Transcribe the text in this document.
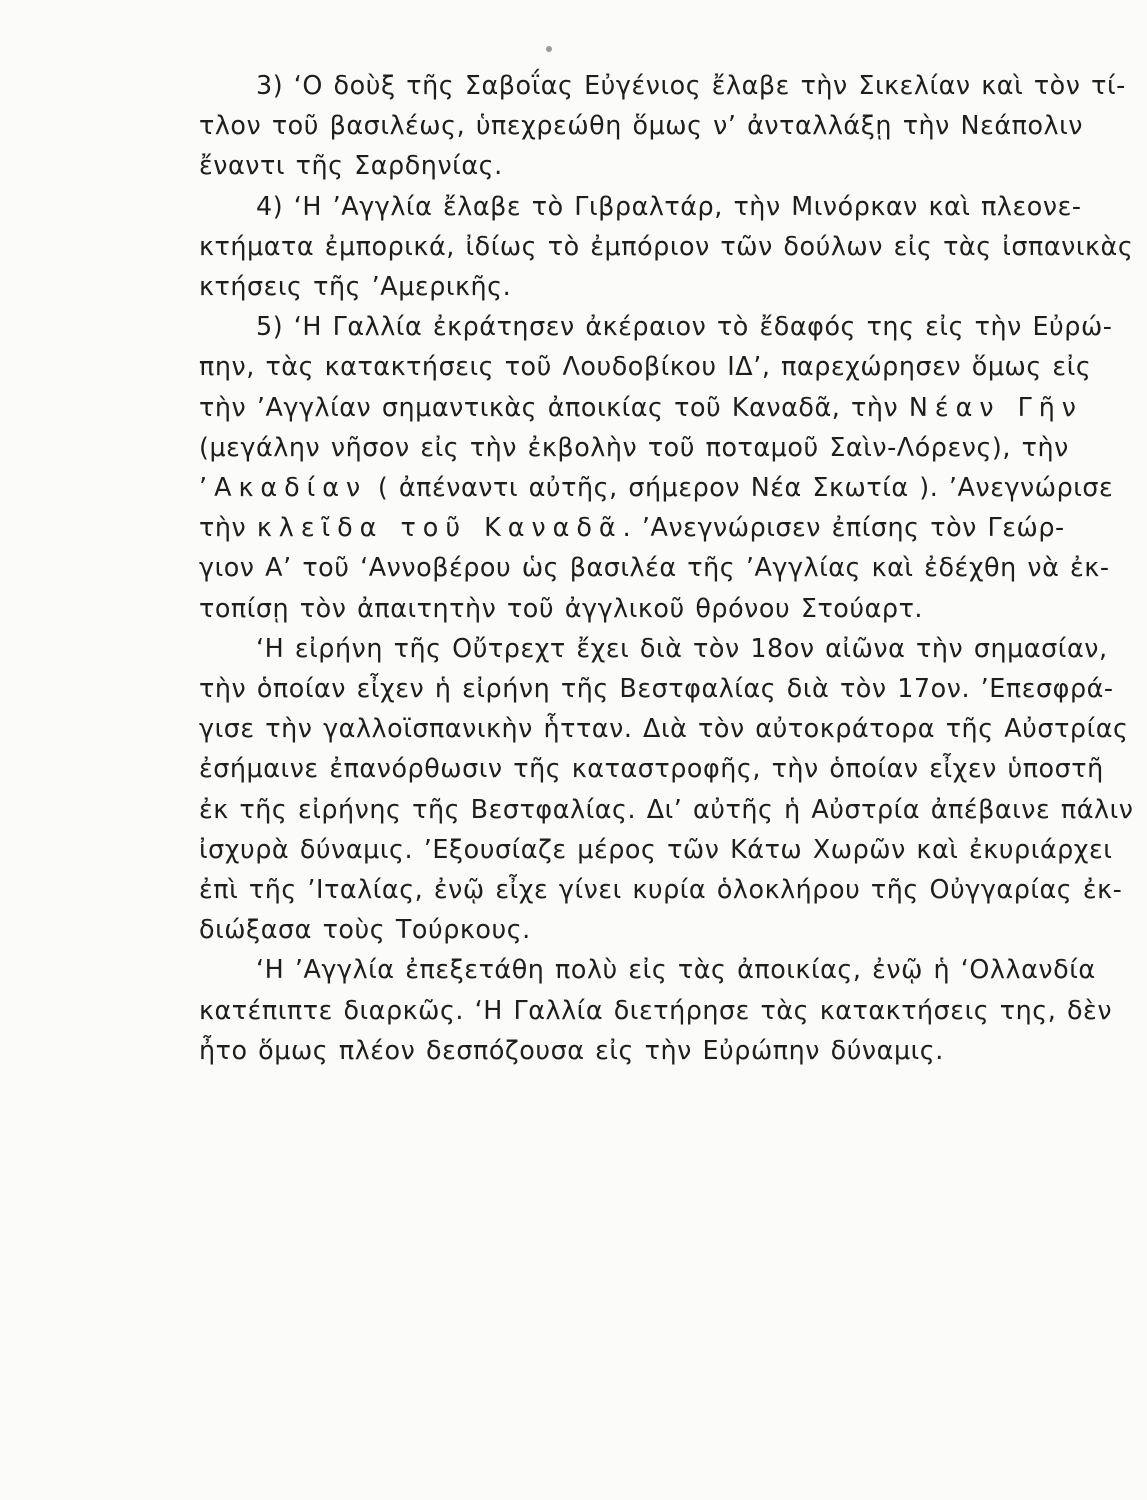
3) ‘Ο δοὺξ τῆς Σαβοΐας Εὐγένιος ἔλαβε τὴν Σικελίαν καὶ τὸν τί-
τλον τοῦ βασιλέως, ὑπεχρεώθη ὅμως ν’ ἀνταλλάξῃ τὴν Νεάπολιν
ἔναντι τῆς Σαρδηνίας.
4) ‘Η ’Αγγλία ἔλαβε τὸ Γιβραλτάρ, τὴν Μινόρκαν καὶ πλεονε-
κτήματα ἐμπορικά, ἰδίως τὸ ἐμπόριον τῶν δούλων εἰς τὰς ἰσπανικὰς
κτήσεις τῆς ’Αμερικῆς.
5) ‘Η Γαλλία ἐκράτησεν ἀκέραιον τὸ ἔδαφός της εἰς τὴν Εὐρώ-
πην, τὰς κατακτήσεις τοῦ Λουδοβίκου ΙΔ’, παρεχώρησεν ὅμως εἰς
τὴν ’Αγγλίαν σημαντικὰς ἀποικίας τοῦ Καναδᾶ, τὴν Νέαν Γῆν
(μεγάλην νῆσον εἰς τὴν ἐκβολὴν τοῦ ποταμοῦ Σαὶν-Λόρενς), τὴν
’Ακαδίαν ( ἀπέναντι αὐτῆς, σήμερον Νέα Σκωτία ). ’Ανεγνώρισε
τὴν κλεῖδα τοῦ Καναδᾶ. ’Ανεγνώρισεν ἐπίσης τὸν Γεώρ-
γιον Α’ τοῦ ‘Αννοβέρου ὡς βασιλέα τῆς ’Αγγλίας καὶ ἐδέχθη νὰ ἐκ-
τοπίσῃ τὸν ἀπαιτητὴν τοῦ ἀγγλικοῦ θρόνου Στούαρτ.
‘Η εἰρήνη τῆς Οὔτρεχτ ἔχει διὰ τὸν 18ον αἰῶνα τὴν σημασίαν,
τὴν ὁποίαν εἶχεν ἡ εἰρήνη τῆς Βεστφαλίας διὰ τὸν 17ον. ’Επεσφρά-
γισε τὴν γαλλοϊσπανικὴν ἧτταν. Διὰ τὸν αὐτοκράτορα τῆς Αὐστρίας
ἐσήμαινε ἐπανόρθωσιν τῆς καταστροφῆς, τὴν ὁποίαν εἶχεν ὑποστῆ
ἐκ τῆς εἰρήνης τῆς Βεστφαλίας. Δι’ αὐτῆς ἡ Αὐστρία ἀπέβαινε πάλιν
ἰσχυρὰ δύναμις. ’Εξουσίαζε μέρος τῶν Κάτω Χωρῶν καὶ ἐκυριάρχει
ἐπὶ τῆς ’Ιταλίας, ἐνῷ εἶχε γίνει κυρία ὁλοκλήρου τῆς Οὐγγαρίας ἐκ-
διώξασα τοὺς Τούρκους.
‘Η ’Αγγλία ἐπεξετάθη πολὺ εἰς τὰς ἀποικίας, ἐνῷ ἡ ‘Ολλανδία
κατέπιπτε διαρκῶς. ‘Η Γαλλία διετήρησε τὰς κατακτήσεις της, δὲν
ἦτο ὅμως πλέον δεσπόζουσα εἰς τὴν Εὐρώπην δύναμις.
